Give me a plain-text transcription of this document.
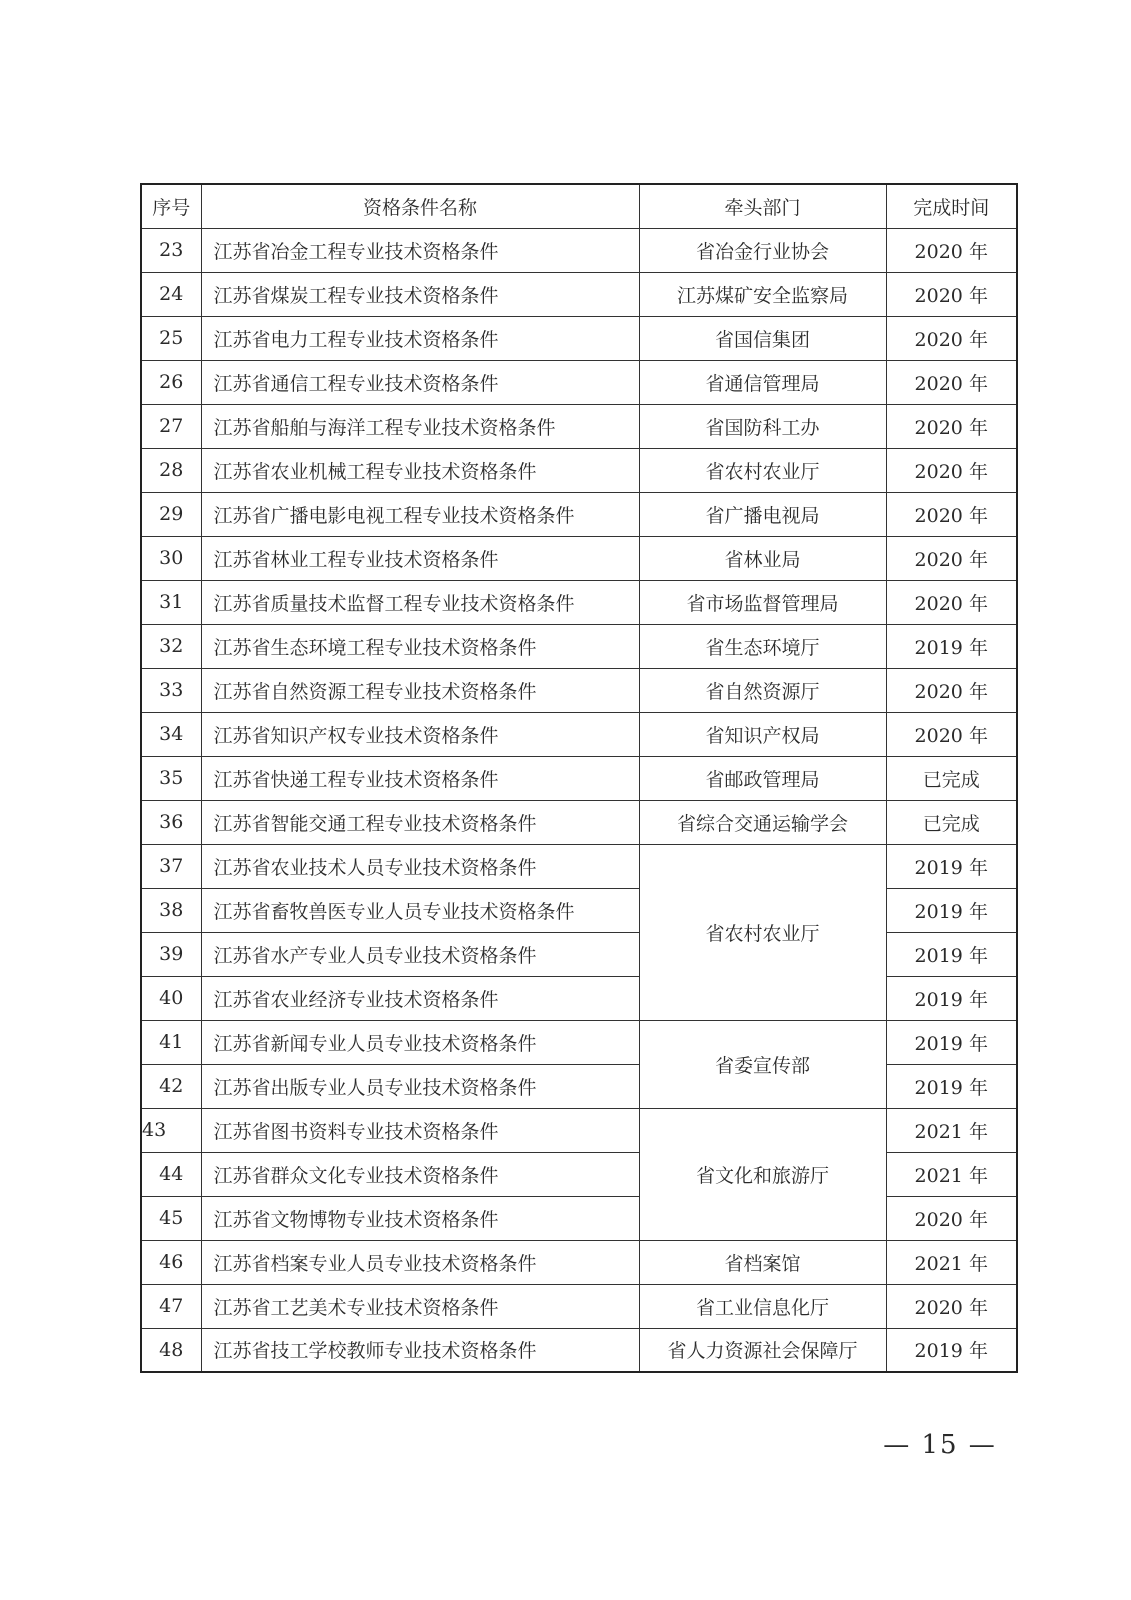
序号	资格条件名称	牵头部门	完成时间
23	江苏省冶金工程专业技术资格条件	省冶金行业协会	2020 年
24	江苏省煤炭工程专业技术资格条件	江苏煤矿安全监察局	2020 年
25	江苏省电力工程专业技术资格条件	省国信集团	2020 年
26	江苏省通信工程专业技术资格条件	省通信管理局	2020 年
27	江苏省船舶与海洋工程专业技术资格条件	省国防科工办	2020 年
28	江苏省农业机械工程专业技术资格条件	省农村农业厅	2020 年
29	江苏省广播电影电视工程专业技术资格条件	省广播电视局	2020 年
30	江苏省林业工程专业技术资格条件	省林业局	2020 年
31	江苏省质量技术监督工程专业技术资格条件	省市场监督管理局	2020 年
32	江苏省生态环境工程专业技术资格条件	省生态环境厅	2019 年
33	江苏省自然资源工程专业技术资格条件	省自然资源厅	2020 年
34	江苏省知识产权专业技术资格条件	省知识产权局	2020 年
35	江苏省快递工程专业技术资格条件	省邮政管理局	已完成
36	江苏省智能交通工程专业技术资格条件	省综合交通运输学会	已完成
37	江苏省农业技术人员专业技术资格条件	省农村农业厅	2019 年
38	江苏省畜牧兽医专业人员专业技术资格条件		2019 年
39	江苏省水产专业人员专业技术资格条件		2019 年
40	江苏省农业经济专业技术资格条件		2019 年
41	江苏省新闻专业人员专业技术资格条件	省委宣传部	2019 年
42	江苏省出版专业人员专业技术资格条件		2019 年
43	江苏省图书资料专业技术资格条件	省文化和旅游厅	2021 年
44	江苏省群众文化专业技术资格条件		2021 年
45	江苏省文物博物专业技术资格条件		2020 年
46	江苏省档案专业人员专业技术资格条件	省档案馆	2021 年
47	江苏省工艺美术专业技术资格条件	省工业信息化厅	2020 年
48	江苏省技工学校教师专业技术资格条件	省人力资源社会保障厅	2019 年
— 15 —
